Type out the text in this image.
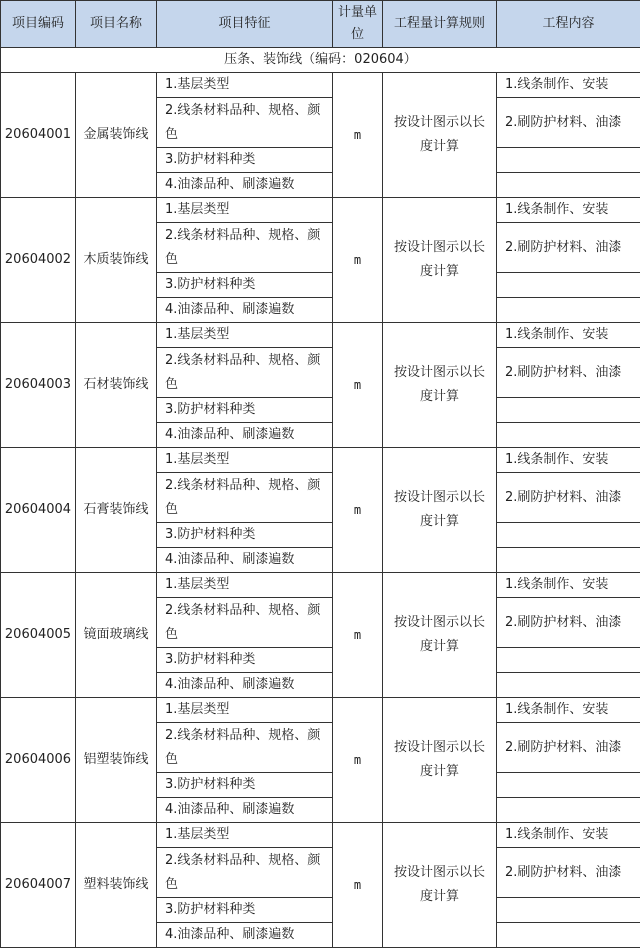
压条、装饰线（编码：020604）					
项目编码	项目名称	项目特征	计量单位	工程量计算规则	工程内容
20604001	金属装饰线	1.基层类型	m	按设计图示以长度计算	1.线条制作、安装
		2.线条材料品种、规格、颜色			2.刷防护材料、油漆
		3.防护材料种类			
		4.油漆品种、刷漆遍数			
20604002	木质装饰线	1.基层类型	m	按设计图示以长度计算	1.线条制作、安装
		2.线条材料品种、规格、颜色			2.刷防护材料、油漆
		3.防护材料种类			
		4.油漆品种、刷漆遍数			
20604003	石材装饰线	1.基层类型	m	按设计图示以长度计算	1.线条制作、安装
		2.线条材料品种、规格、颜色			2.刷防护材料、油漆
		3.防护材料种类			
		4.油漆品种、刷漆遍数			
20604004	石膏装饰线	1.基层类型	m	按设计图示以长度计算	1.线条制作、安装
		2.线条材料品种、规格、颜色			2.刷防护材料、油漆
		3.防护材料种类			
		4.油漆品种、刷漆遍数			
20604005	镜面玻璃线	1.基层类型	m	按设计图示以长度计算	1.线条制作、安装
		2.线条材料品种、规格、颜色			2.刷防护材料、油漆
		3.防护材料种类			
		4.油漆品种、刷漆遍数			
20604006	铝塑装饰线	1.基层类型	m	按设计图示以长度计算	1.线条制作、安装
		2.线条材料品种、规格、颜色			2.刷防护材料、油漆
		3.防护材料种类			
		4.油漆品种、刷漆遍数			
20604007	塑料装饰线	1.基层类型	m	按设计图示以长度计算	1.线条制作、安装
		2.线条材料品种、规格、颜色			2.刷防护材料、油漆
		3.防护材料种类			
		4.油漆品种、刷漆遍数			
